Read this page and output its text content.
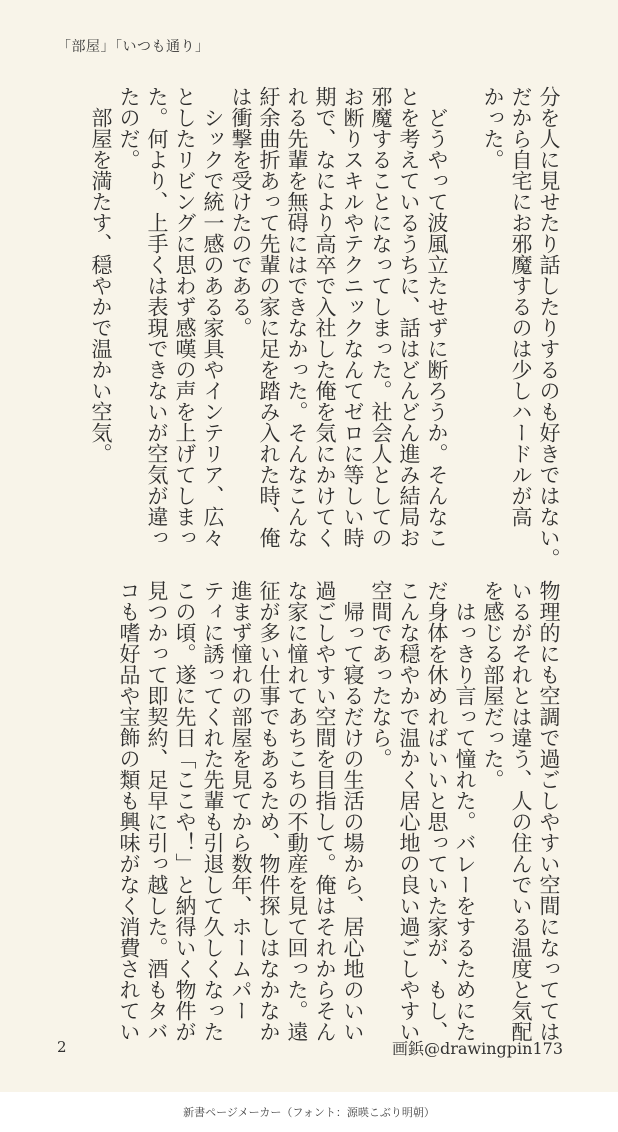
「部屋」「いつも通り」
分を人に見せたり話したりするのも好きではない。
だから自宅にお邪魔するのは少しハードルが高
かった。
　どうやって波風立たせずに断ろうか。そんなこ
とを考えているうちに、話はどんどん進み結局お
邪魔することになってしまった。社会人としての
お断りスキルやテクニックなんてゼロに等しい時
期で、なにより高卒で入社した俺を気にかけてく
れる先輩を無碍にはできなかった。そんなこんな
紆余曲折あって先輩の家に足を踏み入れた時、俺
は衝撃を受けたのである。
　シックで統一感のある家具やインテリア、広々
としたリビングに思わず感嘆の声を上げてしまっ
た。何より、上手くは表現できないが空気が違っ
たのだ。
　部屋を満たす、穏やかで温かい空気。
物理的にも空調で過ごしやすい空間になってては
いるがそれとは違う、人の住んでいる温度と気配
を感じる部屋だった。
　はっきり言って憧れた。バレーをするためにた
だ身体を休めればいいと思っていた家が、もし、
こんな穏やかで温かく居心地の良い過ごしやすい
空間であったなら。
　帰って寝るだけの生活の場から、居心地のいい
過ごしやすい空間を目指して。俺はそれからそん
な家に憧れてあちこちの不動産を見て回った。遠
征が多い仕事でもあるため、物件探しはなかなか
進まず憧れの部屋を見てから数年、ホームパー
ティに誘ってくれた先輩も引退して久しくなった
この頃。遂に先日「ここや！」と納得いく物件が
見つかって即契約、足早に引っ越した。酒もタバ
コも嗜好品や宝飾の類も興味がなく消費されてい
2	画鋲@drawingpin173
新書ページメーカー（フォント：源暎こぶり明朝）
